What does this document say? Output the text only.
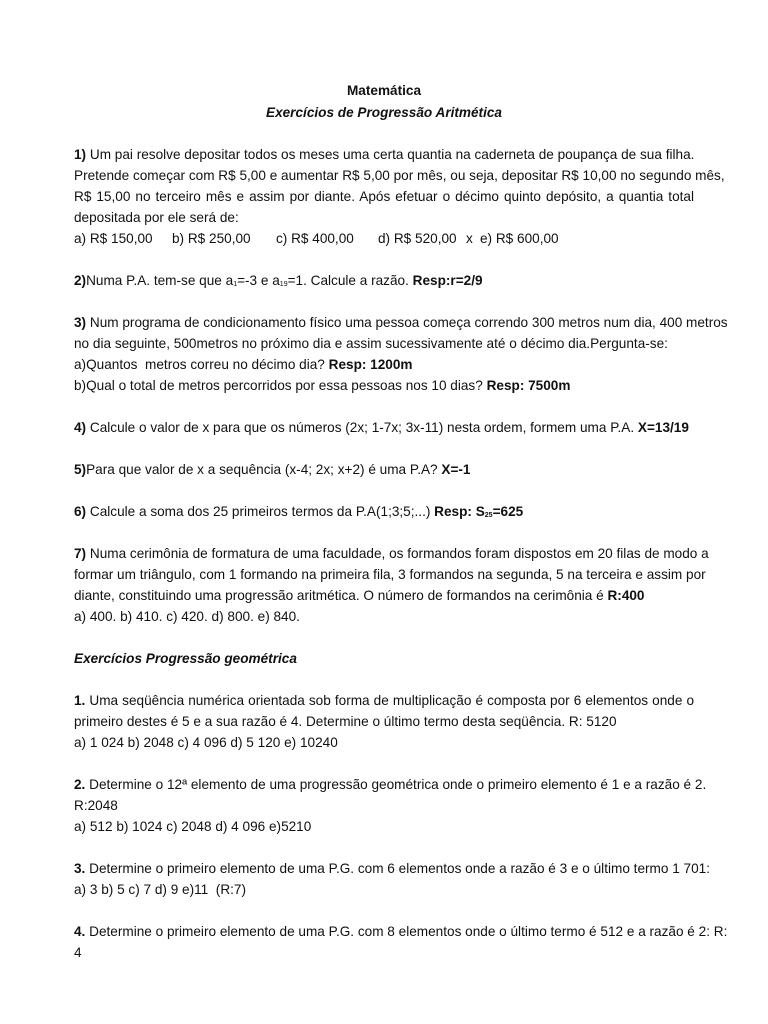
Matemática
Exercícios de Progressão Aritmética
1) Um pai resolve depositar todos os meses uma certa quantia na caderneta de poupança de sua filha.
Pretende começar com R$ 5,00 e aumentar R$ 5,00 por mês, ou seja, depositar R$ 10,00 no segundo mês,
R$ 15,00 no terceiro mês e assim por diante. Após efetuar o décimo quinto depósito, a quantia total
depositada por ele será de:
a) R$ 150,00 b) R$ 250,00 c) R$ 400,00 d) R$ 520,00 x e) R$ 600,00
2)Numa P.A. tem-se que $a_1=-3$ e $a_{19}=1$. Calcule a razão. Resp:r=2/9
3) Num programa de condicionamento físico uma pessoa começa correndo 300 metros num dia, 400 metros
no dia seguinte, 500metros no próximo dia e assim sucessivamente até o décimo dia.Pergunta-se:
a)Quantos  metros correu no décimo dia? Resp: 1200m
b)Qual o total de metros percorridos por essa pessoas nos 10 dias? Resp: 7500m
4) Calcule o valor de x para que os números (2x; 1-7x; 3x-11) nesta ordem, formem uma P.A. X=13/19
5)Para que valor de x a sequência (x-4; 2x; x+2) é uma P.A? X=-1
6) Calcule a soma dos 25 primeiros termos da P.A(1;3;5;...) Resp: $S_{25}=625$
7) Numa cerimônia de formatura de uma faculdade, os formandos foram dispostos em 20 filas de modo a
formar um triângulo, com 1 formando na primeira fila, 3 formandos na segunda, 5 na terceira e assim por
diante, constituindo uma progressão aritmética. O número de formandos na cerimônia é R:400
a) 400. b) 410. c) 420. d) 800. e) 840.
Exercícios Progressão geométrica
1. Uma seqüência numérica orientada sob forma de multiplicação é composta por 6 elementos onde o
primeiro destes é 5 e a sua razão é 4. Determine o último termo desta seqüência. R: 5120
a) 1 024 b) 2048 c) 4 096 d) 5 120 e) 10240
2. Determine o 12ª elemento de uma progressão geométrica onde o primeiro elemento é 1 e a razão é 2.
R:2048
a) 512 b) 1024 c) 2048 d) 4 096 e)5210
3. Determine o primeiro elemento de uma P.G. com 6 elementos onde a razão é 3 e o último termo 1 701:
a) 3 b) 5 c) 7 d) 9 e)11  (R:7)
4. Determine o primeiro elemento de uma P.G. com 8 elementos onde o último termo é 512 e a razão é 2: R:
4
